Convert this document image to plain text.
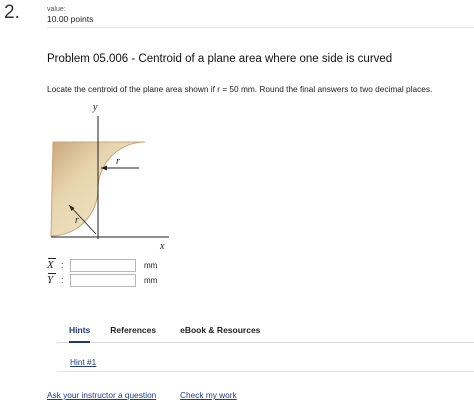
2.	value:
10.00 points
Problem 05.006 - Centroid of a plane area where one side is curved
Locate the centroid of the plane area shown if r = 50 mm. Round the final answers to two decimal places.
y
x
r
r
X :	mm
Y :	mm
Hints References	eBook & Resources
Hint #1
Ask your instructor a question	Check my work
